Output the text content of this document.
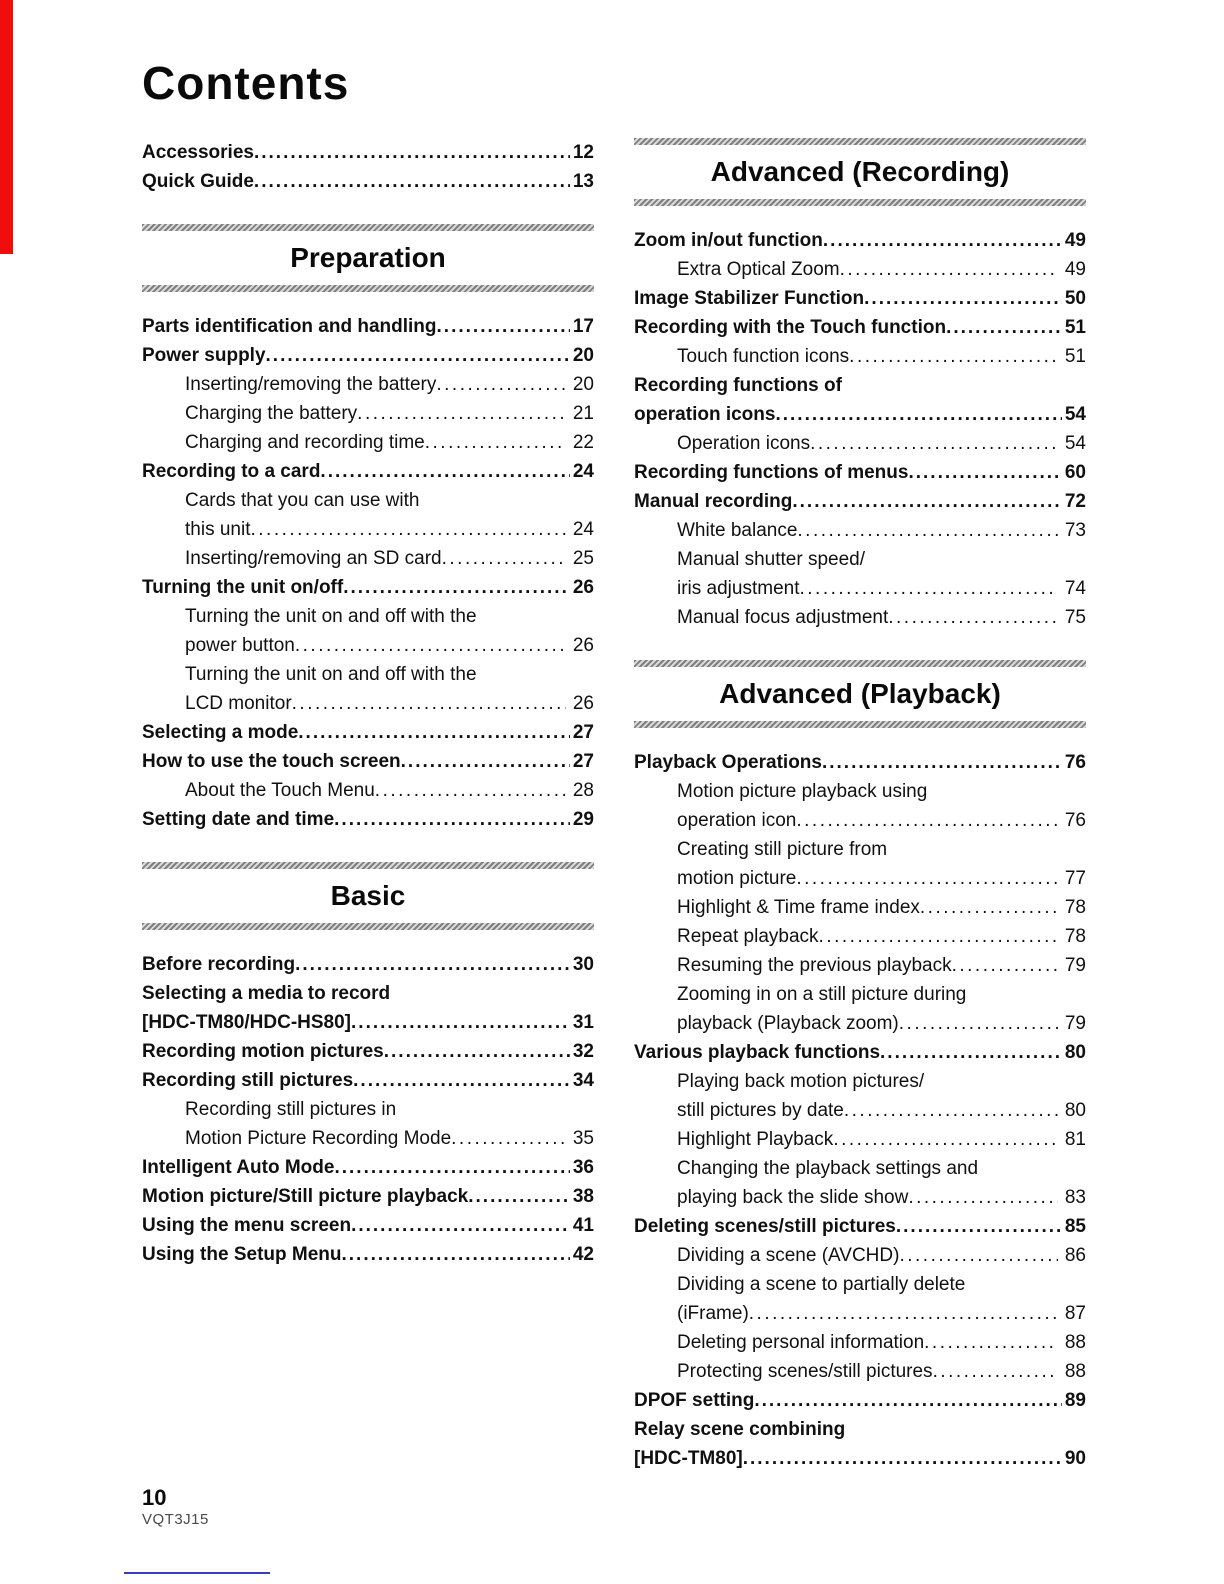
Contents
Accessories .....	12
Quick Guide .....	13
Preparation
Parts identification and handling .....	17
Power supply .....	20
Inserting/removing the battery .....	20
Charging the battery .....	21
Charging and recording time .....	22
Recording to a card .....	24
Cards that you can use with
this unit .....	24
Inserting/removing an SD card .....	25
Turning the unit on/off .....	26
Turning the unit on and off with the
power button .....	26
Turning the unit on and off with the
LCD monitor .....	26
Selecting a mode .....	27
How to use the touch screen .....	27
About the Touch Menu .....	28
Setting date and time .....	29
Basic
Before recording .....	30
Selecting a media to record
[HDC-TM80/HDC-HS80] .....	31
Recording motion pictures .....	32
Recording still pictures .....	34
Recording still pictures in
Motion Picture Recording Mode .....	35
Intelligent Auto Mode .....	36
Motion picture/Still picture playback .....	38
Using the menu screen .....	41
Using the Setup Menu .....	42
Advanced (Recording)
Zoom in/out function .....	49
Extra Optical Zoom .....	49
Image Stabilizer Function .....	50
Recording with the Touch function .....	51
Touch function icons .....	51
Recording functions of
operation icons .....	54
Operation icons .....	54
Recording functions of menus .....	60
Manual recording .....	72
White balance .....	73
Manual shutter speed/
iris adjustment .....	74
Manual focus adjustment .....	75
Advanced (Playback)
Playback Operations .....	76
Motion picture playback using
operation icon .....	76
Creating still picture from
motion picture .....	77
Highlight & Time frame index .....	78
Repeat playback .....	78
Resuming the previous playback .....	79
Zooming in on a still picture during
playback (Playback zoom) .....	79
Various playback functions .....	80
Playing back motion pictures/
still pictures by date .....	80
Highlight Playback .....	81
Changing the playback settings and
playing back the slide show .....	83
Deleting scenes/still pictures .....	85
Dividing a scene (AVCHD) .....	86
Dividing a scene to partially delete
(iFrame) .....	87
Deleting personal information .....	88
Protecting scenes/still pictures .....	88
DPOF setting .....	89
Relay scene combining
[HDC-TM80] .....	90
10
VQT3J15
